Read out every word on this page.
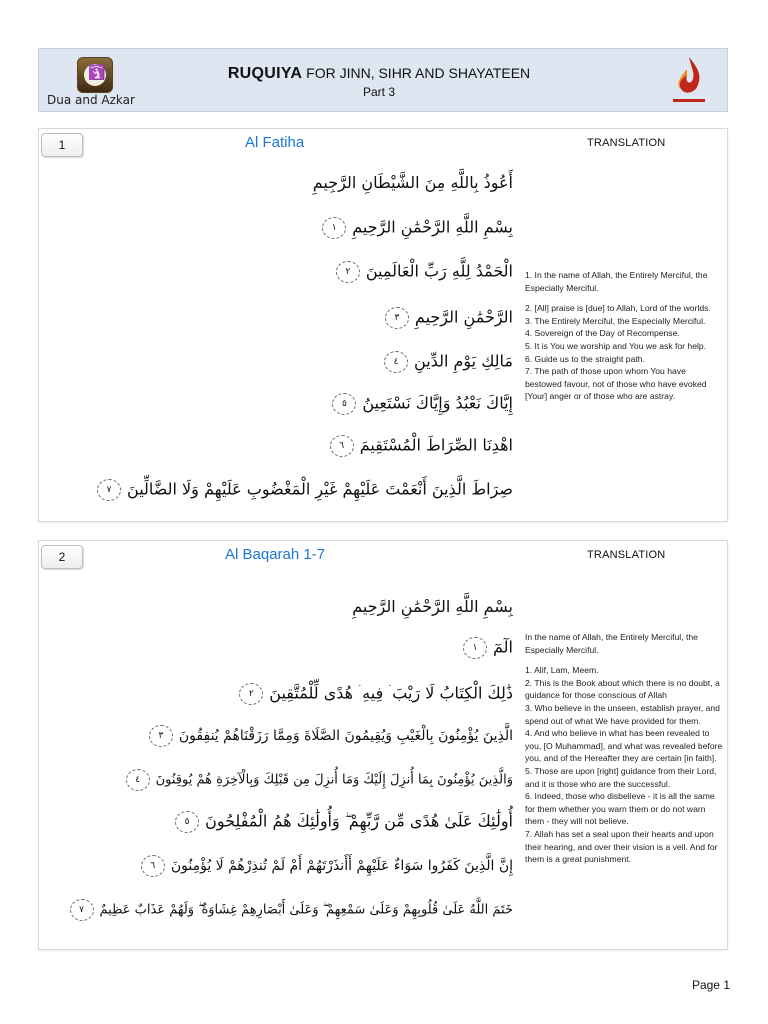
🛐
Dua and Azkar
RUQUIYA FOR JINN, SIHR AND SHAYATEEN
Part 3
1	Al Fatiha	TRANSLATION
أَعُوذُ بِاللَّهِ مِنَ الشَّيْطَانِ الرَّجِيمِ
بِسْمِ اللَّهِ الرَّحْمَٰنِ الرَّحِيمِ١
الْحَمْدُ لِلَّهِ رَبِّ الْعَالَمِينَ٢
الرَّحْمَٰنِ الرَّحِيمِ٣
مَالِكِ يَوْمِ الدِّينِ٤
إِيَّاكَ نَعْبُدُ وَإِيَّاكَ نَسْتَعِينُ٥
اهْدِنَا الصِّرَاطَ الْمُسْتَقِيمَ٦
صِرَاطَ الَّذِينَ أَنْعَمْتَ عَلَيْهِمْ غَيْرِ الْمَغْضُوبِ عَلَيْهِمْ وَلَا الضَّالِّينَ٧

1. In the name of Allah, the Entirely Merciful, the Especially Merciful.

2. [All] praise is [due] to Allah, Lord of the worlds.
3. The Entirely Merciful, the Especially Merciful.
4. Sovereign of the Day of Recompense.
5. It is You we worship and You we ask for help.
6. Guide us to the straight path.
7. The path of those upon whom You have bestowed favour, not of those who have evoked [Your] anger or of those who are astray.
2	Al Baqarah 1-7	TRANSLATION
بِسْمِ اللَّهِ الرَّحْمَٰنِ الرَّحِيمِ
الٓمٓ١
ذَٰلِكَ الْكِتَابُ لَا رَيْبَ ۛ فِيهِ ۛ هُدًى لِّلْمُتَّقِينَ٢
الَّذِينَ يُؤْمِنُونَ بِالْغَيْبِ وَيُقِيمُونَ الصَّلَاةَ وَمِمَّا رَزَقْنَاهُمْ يُنفِقُونَ٣
وَالَّذِينَ يُؤْمِنُونَ بِمَا أُنزِلَ إِلَيْكَ وَمَا أُنزِلَ مِن قَبْلِكَ وَبِالْآخِرَةِ هُمْ يُوقِنُونَ٤
أُولَٰئِكَ عَلَىٰ هُدًى مِّن رَّبِّهِمْ ۖ وَأُولَٰئِكَ هُمُ الْمُفْلِحُونَ٥
إِنَّ الَّذِينَ كَفَرُوا سَوَاءٌ عَلَيْهِمْ أَأَنذَرْتَهُمْ أَمْ لَمْ تُنذِرْهُمْ لَا يُؤْمِنُونَ٦
خَتَمَ اللَّهُ عَلَىٰ قُلُوبِهِمْ وَعَلَىٰ سَمْعِهِمْ ۖ وَعَلَىٰ أَبْصَارِهِمْ غِشَاوَةٌ ۖ وَلَهُمْ عَذَابٌ عَظِيمٌ٧

In the name of Allah, the Entirely Merciful, the Especially Merciful.

1. Alif, Lam, Meem.
2. This is the Book about which there is no doubt, a guidance for those conscious of Allah
3. Who believe in the unseen, establish prayer, and spend out of what We have provided for them.
4. And who believe in what has been revealed to you, [O Muhammad], and what was revealed before you, and of the Hereafter they are certain [in faith].
5. Those are upon [right] guidance from their Lord, and it is those who are the successful.
6. Indeed, those who disbelieve - it is all the same for them whether you warn them or do not warn them - they will not believe.
7. Allah has set a seal upon their hearts and upon their hearing, and over their vision is a veil. And for them is a great punishment.
Page 1
